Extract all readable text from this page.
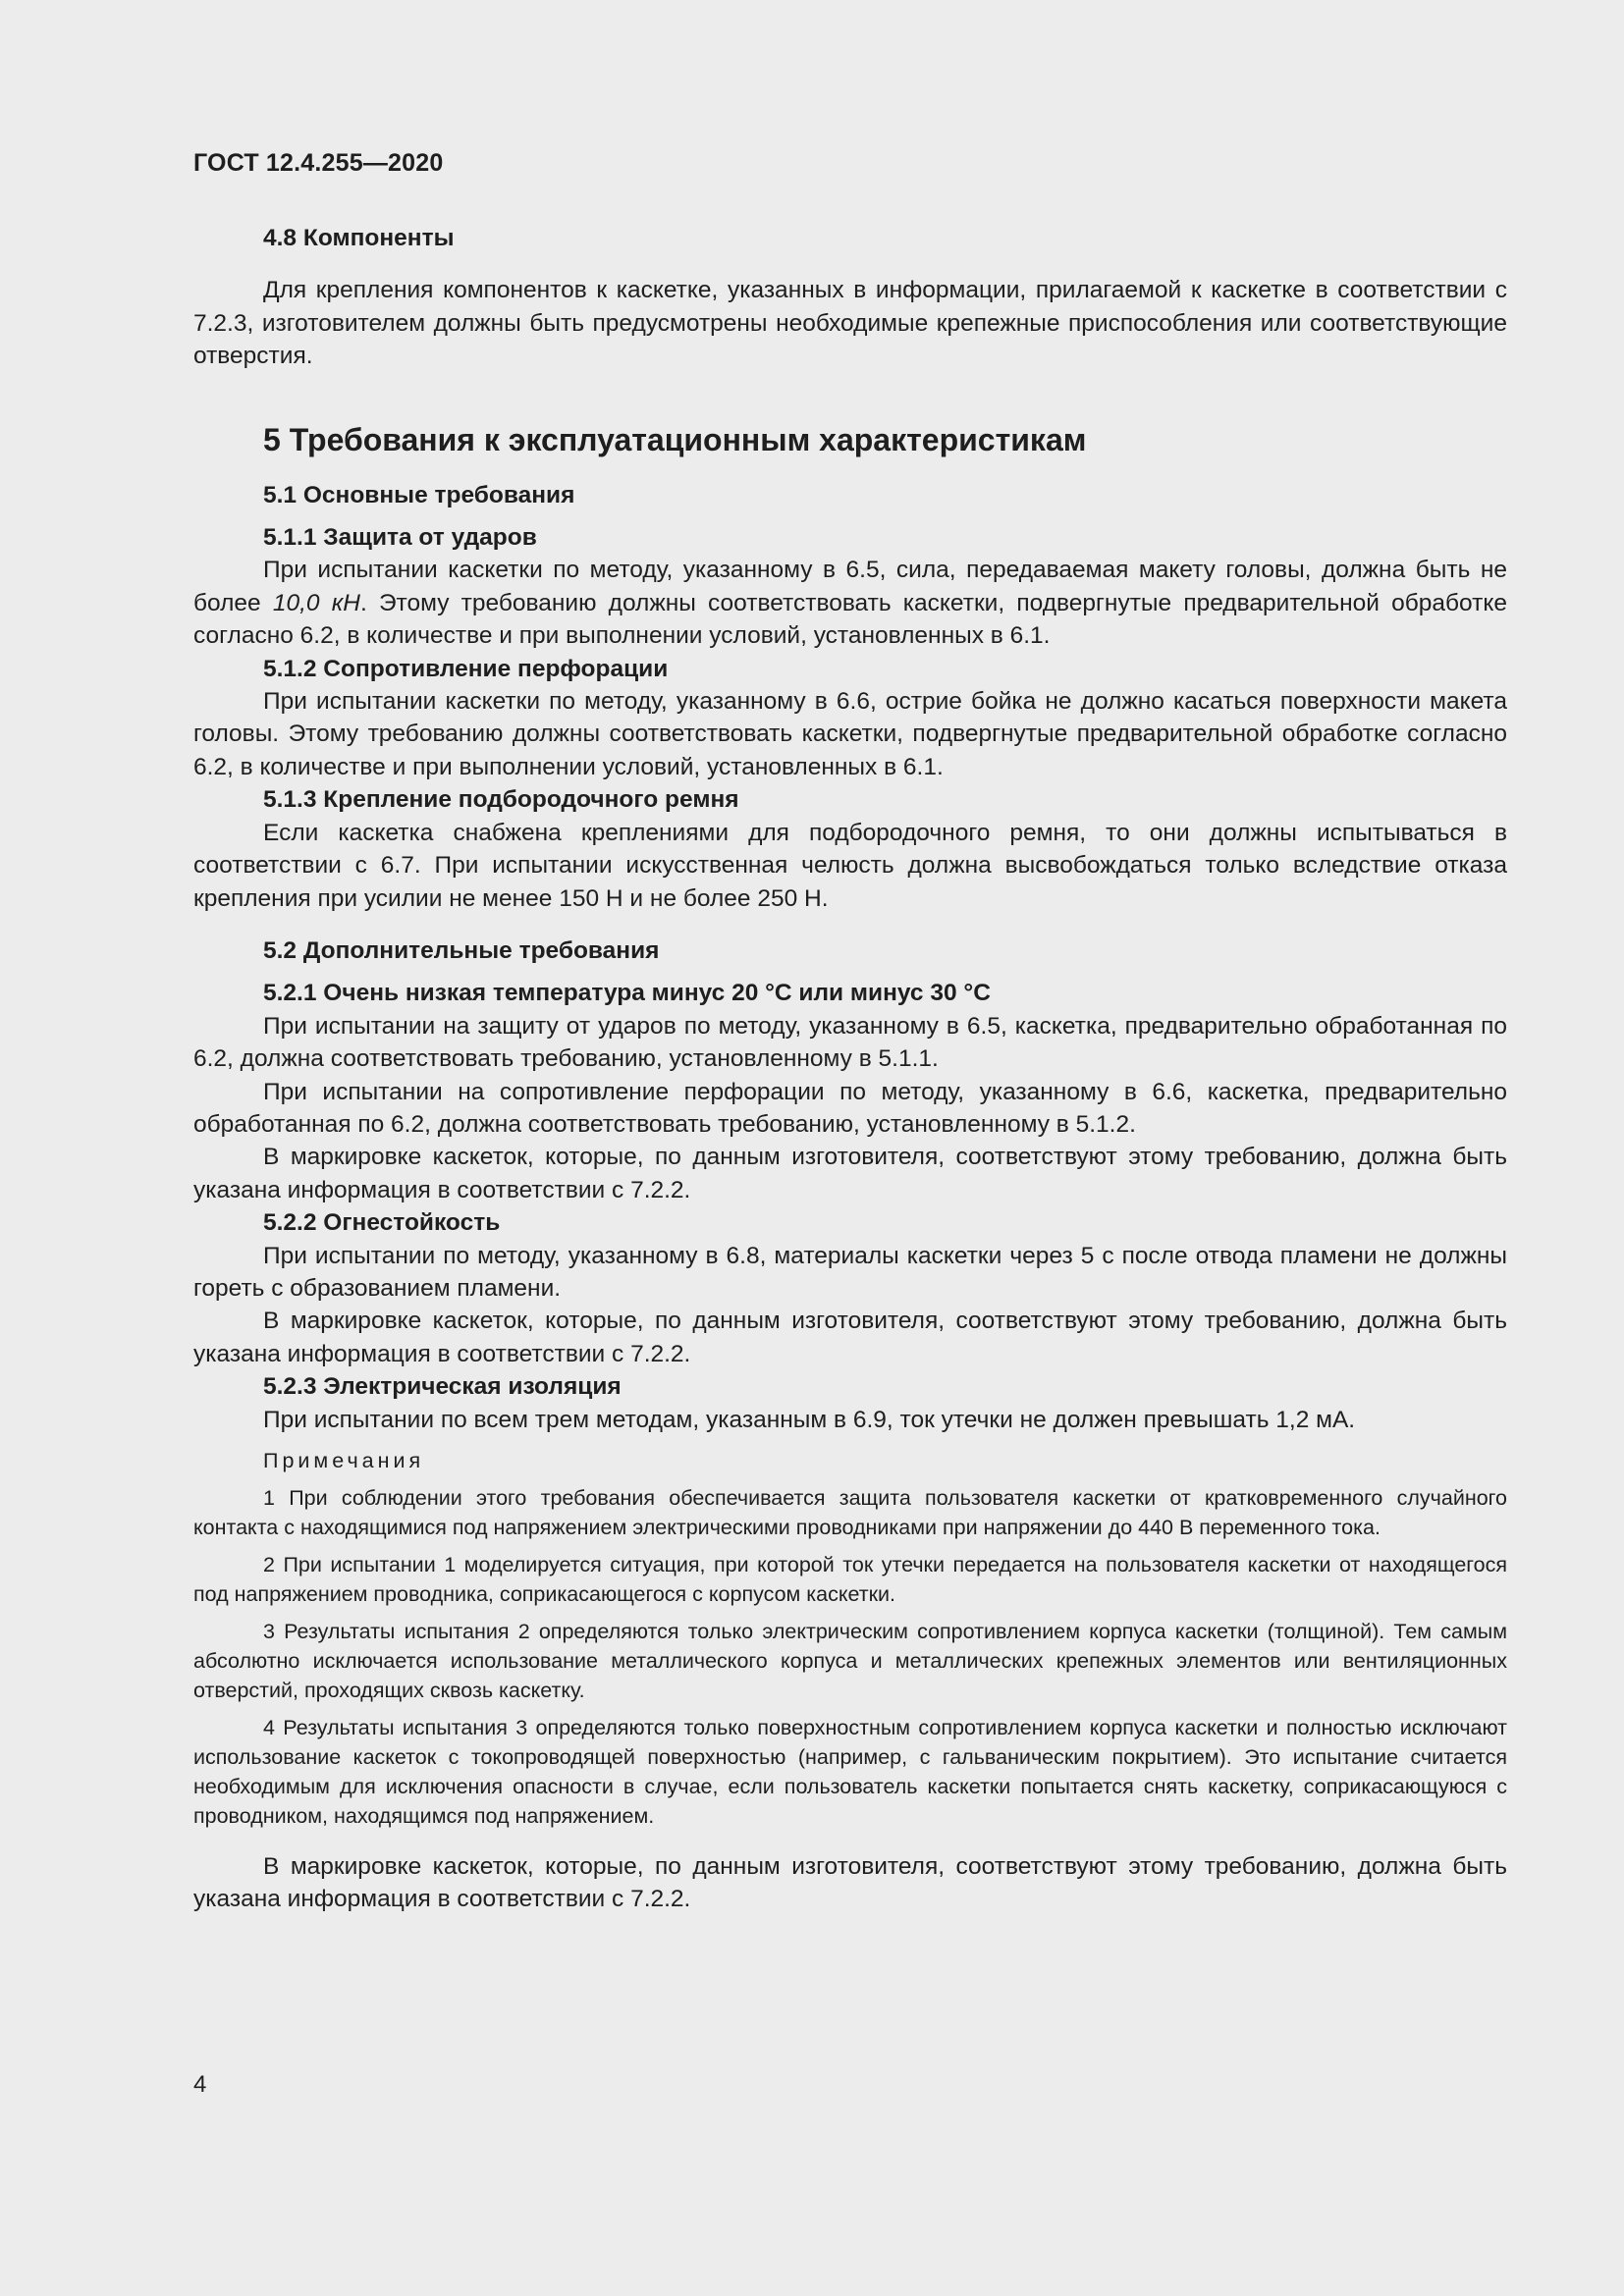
ГОСТ 12.4.255—2020
4.8 Компоненты

Для крепления компонентов к каскетке, указанных в информации, прилагаемой к каскетке в соответствии с 7.2.3, изготовителем должны быть предусмотрены необходимые крепежные приспособления или соответствующие отверстия.

5 Требования к эксплуатационным характеристикам
5.1 Основные требования
5.1.1 Защита от ударов

При испытании каскетки по методу, указанному в 6.5, сила, передаваемая макету головы, должна быть не более 10,0 кН. Этому требованию должны соответствовать каскетки, подвергнутые предварительной обработке согласно 6.2, в количестве и при выполнении условий, установленных в 6.1.

5.1.2 Сопротивление перфорации

При испытании каскетки по методу, указанному в 6.6, острие бойка не должно касаться поверхности макета головы. Этому требованию должны соответствовать каскетки, подвергнутые предварительной обработке согласно 6.2, в количестве и при выполнении условий, установленных в 6.1.

5.1.3 Крепление подбородочного ремня

Если каскетка снабжена креплениями для подбородочного ремня, то они должны испытываться в соответствии с 6.7. При испытании искусственная челюсть должна высвобождаться только вследствие отказа крепления при усилии не менее 150 Н и не более 250 Н.

5.2 Дополнительные требования
5.2.1 Очень низкая температура минус 20 °С или минус 30 °С

При испытании на защиту от ударов по методу, указанному в 6.5, каскетка, предварительно обработанная по 6.2, должна соответствовать требованию, установленному в 5.1.1.

При испытании на сопротивление перфорации по методу, указанному в 6.6, каскетка, предварительно обработанная по 6.2, должна соответствовать требованию, установленному в 5.1.2.

В маркировке каскеток, которые, по данным изготовителя, соответствуют этому требованию, должна быть указана информация в соответствии с 7.2.2.

5.2.2 Огнестойкость

При испытании по методу, указанному в 6.8, материалы каскетки через 5 с после отвода пламени не должны гореть с образованием пламени.

В маркировке каскеток, которые, по данным изготовителя, соответствуют этому требованию, должна быть указана информация в соответствии с 7.2.2.

5.2.3 Электрическая изоляция

При испытании по всем трем методам, указанным в 6.9, ток утечки не должен превышать 1,2 мА.

Примечания

1 При соблюдении этого требования обеспечивается защита пользователя каскетки от кратковременного случайного контакта с находящимися под напряжением электрическими проводниками при напряжении до 440 В переменного тока.

2 При испытании 1 моделируется ситуация, при которой ток утечки передается на пользователя каскетки от находящегося под напряжением проводника, соприкасающегося с корпусом каскетки.

3 Результаты испытания 2 определяются только электрическим сопротивлением корпуса каскетки (толщиной). Тем самым абсолютно исключается использование металлического корпуса и металлических крепежных элементов или вентиляционных отверстий, проходящих сквозь каскетку.

4 Результаты испытания 3 определяются только поверхностным сопротивлением корпуса каскетки и полностью исключают использование каскеток с токопроводящей поверхностью (например, с гальваническим покрытием). Это испытание считается необходимым для исключения опасности в случае, если пользователь каскетки попытается снять каскетку, соприкасающуюся с проводником, находящимся под напряжением.

В маркировке каскеток, которые, по данным изготовителя, соответствуют этому требованию, должна быть указана информация в соответствии с 7.2.2.

4
